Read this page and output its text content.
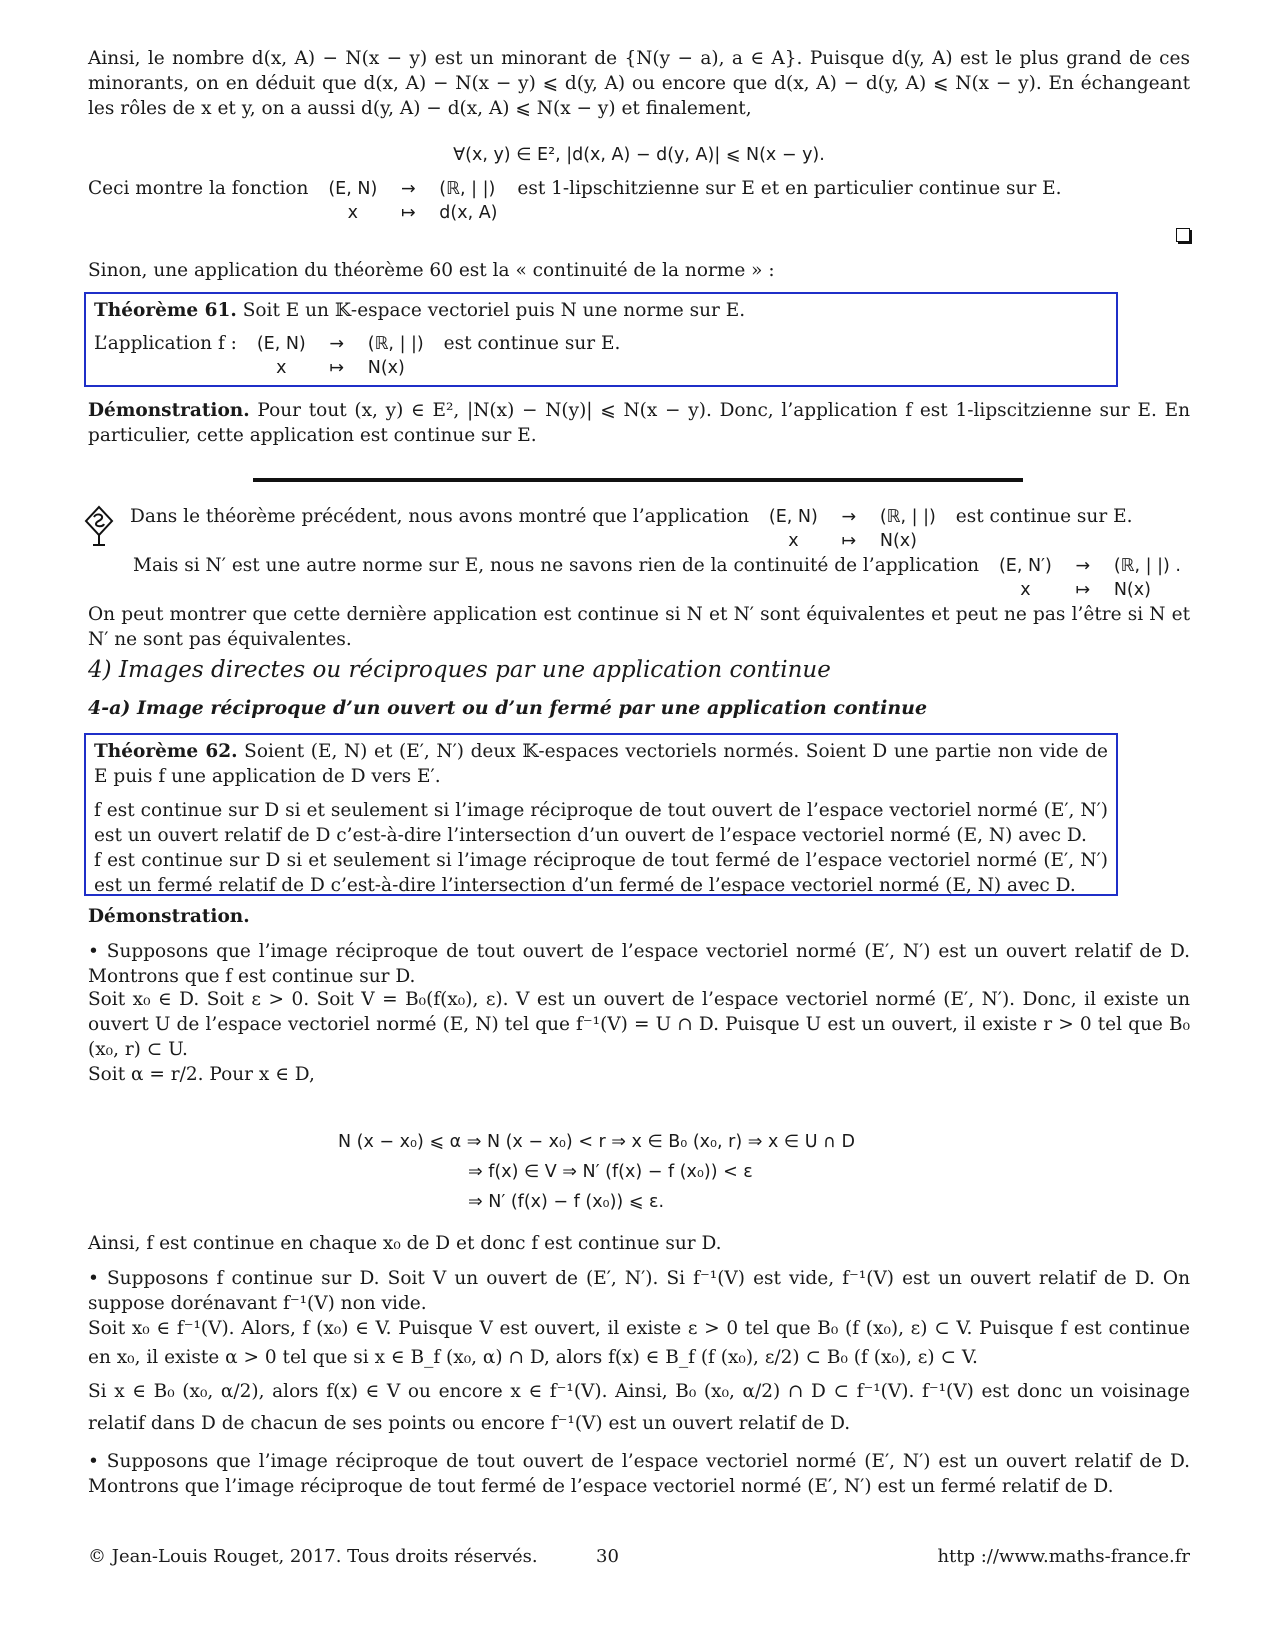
Ainsi, le nombre d(x, A) − N(x − y) est un minorant de {N(y − a), a ∈ A}. Puisque d(y, A) est le plus grand de ces minorants, on en déduit que d(x, A) − N(x − y) ⩽ d(y, A) ou encore que d(x, A) − d(y, A) ⩽ N(x − y). En échangeant les rôles de x et y, on a aussi d(y, A) − d(x, A) ⩽ N(x − y) et finalement,

∀(x, y) ∈ E², |d(x, A) − d(y, A)| ⩽ N(x − y).

Ceci montre la fonction (E, N)	→	(ℝ, | |)
x	↦	d(x, A)
est 1-lipschitzienne sur E et en particulier continue sur E.

Sinon, une application du théorème 60 est la « continuité de la norme » :

Théorème 61. Soit E un 𝕂-espace vectoriel puis N une norme sur E.

L’application f : (E, N)	→	(ℝ, | |)
x	↦	N(x)
est continue sur E.

Démonstration. Pour tout (x, y) ∈ E², |N(x) − N(y)| ⩽ N(x − y). Donc, l’application f est 1-lipscitzienne sur E. En particulier, cette application est continue sur E.

Dans le théorème précédent, nous avons montré que l’application (E, N)	→	(ℝ, | |)
x	↦	N(x)
est continue sur E.
Mais si N′ est une autre norme sur E, nous ne savons rien de la continuité de l’application (E, N′)	→	(ℝ, | |) .
x	↦	N(x)

On peut montrer que cette dernière application est continue si N et N′ sont équivalentes et peut ne pas l’être si N et N′ ne sont pas équivalentes.

4) Images directes ou réciproques par une application continue
4-a) Image réciproque d’un ouvert ou d’un fermé par une application continue

Théorème 62. Soient (E, N) et (E′, N′) deux 𝕂-espaces vectoriels normés. Soient D une partie non vide de E puis f une application de D vers E′.

f est continue sur D si et seulement si l’image réciproque de tout ouvert de l’espace vectoriel normé (E′, N′) est un ouvert relatif de D c’est-à-dire l’intersection d’un ouvert de l’espace vectoriel normé (E, N) avec D.

f est continue sur D si et seulement si l’image réciproque de tout fermé de l’espace vectoriel normé (E′, N′) est un fermé relatif de D c’est-à-dire l’intersection d’un fermé de l’espace vectoriel normé (E, N) avec D.

Démonstration.

• Supposons que l’image réciproque de tout ouvert de l’espace vectoriel normé (E′, N′) est un ouvert relatif de D. Montrons que f est continue sur D.

Soit x₀ ∈ D. Soit ε > 0. Soit V = B₀(f(x₀), ε). V est un ouvert de l’espace vectoriel normé (E′, N′). Donc, il existe un ouvert U de l’espace vectoriel normé (E, N) tel que f⁻¹(V) = U ∩ D. Puisque U est un ouvert, il existe r > 0 tel que B₀ (x₀, r) ⊂ U.

Soit α = r/2. Pour x ∈ D,

N (x − x₀) ⩽ α ⇒ N (x − x₀) < r ⇒ x ∈ B₀ (x₀, r) ⇒ x ∈ U ∩ D
⇒ f(x) ∈ V ⇒ N′ (f(x) − f (x₀)) < ε
⇒ N′ (f(x) − f (x₀)) ⩽ ε.

Ainsi, f est continue en chaque x₀ de D et donc f est continue sur D.

• Supposons f continue sur D. Soit V un ouvert de (E′, N′). Si f⁻¹(V) est vide, f⁻¹(V) est un ouvert relatif de D. On suppose dorénavant f⁻¹(V) non vide.

Soit x₀ ∈ f⁻¹(V). Alors, f (x₀) ∈ V. Puisque V est ouvert, il existe ε > 0 tel que B₀ (f (x₀), ε) ⊂ V. Puisque f est continue en x₀, il existe α > 0 tel que si x ∈ B_f (x₀, α) ∩ D, alors f(x) ∈ B_f (f (x₀), ε/2) ⊂ B₀ (f (x₀), ε) ⊂ V.

Si x ∈ B₀ (x₀, α/2), alors f(x) ∈ V ou encore x ∈ f⁻¹(V). Ainsi, B₀ (x₀, α/2) ∩ D ⊂ f⁻¹(V). f⁻¹(V) est donc un voisinage relatif dans D de chacun de ses points ou encore f⁻¹(V) est un ouvert relatif de D.

• Supposons que l’image réciproque de tout ouvert de l’espace vectoriel normé (E′, N′) est un ouvert relatif de D. Montrons que l’image réciproque de tout fermé de l’espace vectoriel normé (E′, N′) est un fermé relatif de D.

© Jean-Louis Rouget, 2017. Tous droits réservés.	30	http ://www.maths-france.fr
